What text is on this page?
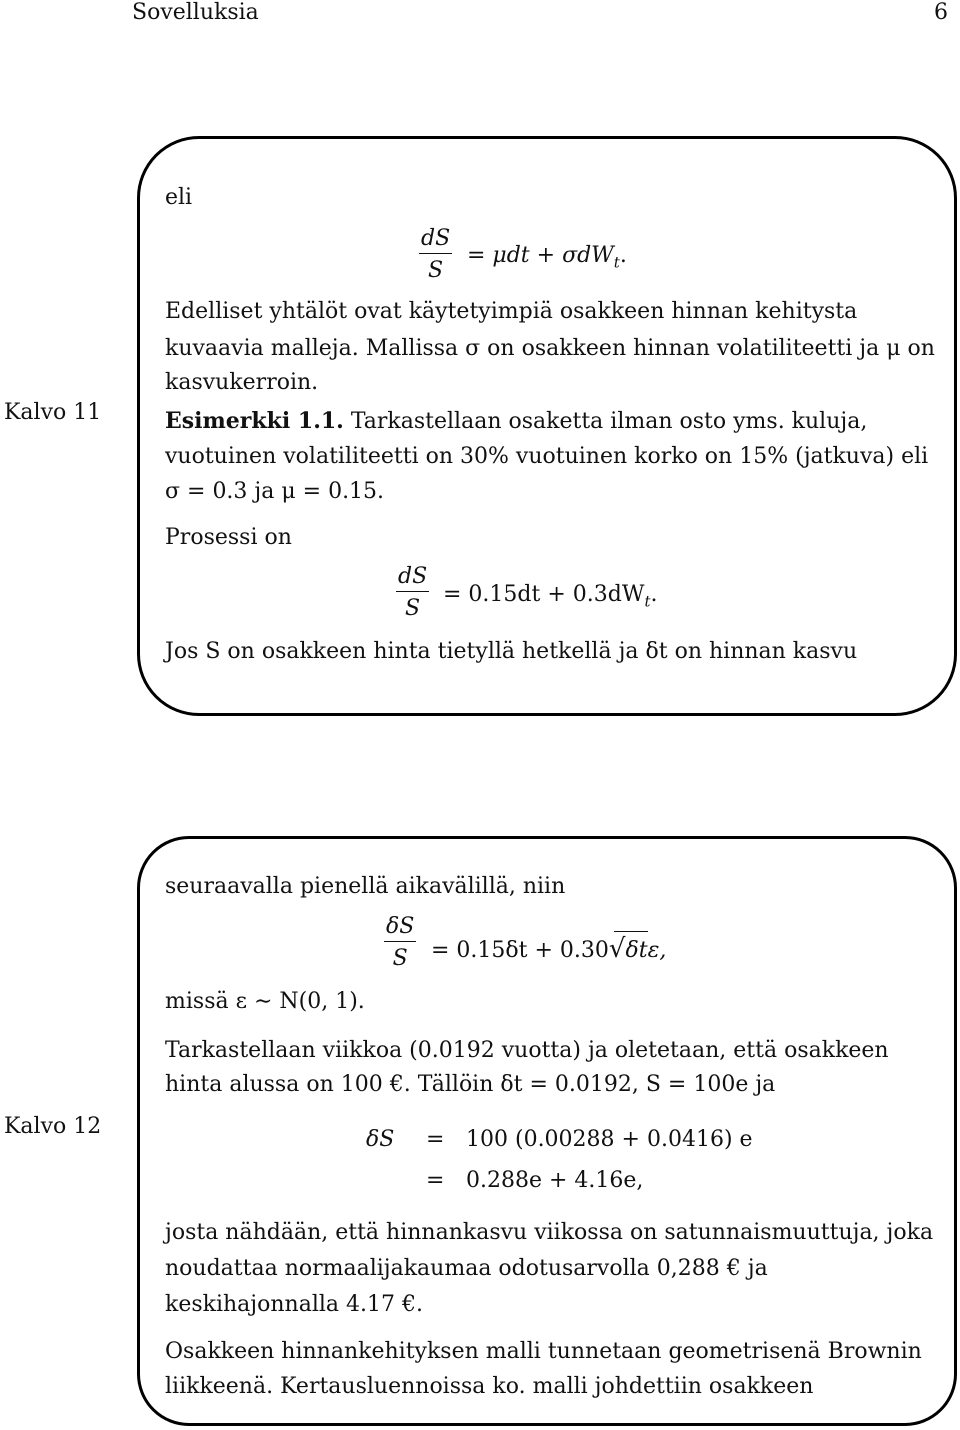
Sovelluksia	6
Kalvo 11
eli
$\frac{dS}{S} = \mu dt + \sigma dW_t$.
Edelliset yhtälöt ovat käytetyimpiä osakkeen hinnan kehitysta
kuvaavia malleja. Mallissa σ on osakkeen hinnan volatiliteetti ja μ on
kasvukerroin.
Esimerkki 1.1. Tarkastellaan osaketta ilman osto yms. kuluja,
vuotuinen volatiliteetti on 30% vuotuinen korko on 15% (jatkuva) eli
σ = 0.3 ja μ = 0.15.
Prosessi on
$\frac{dS}{S} = 0.15dt + 0.3dW_t$.
Jos S on osakkeen hinta tietyllä hetkellä ja δt on hinnan kasvu
Kalvo 12
seuraavalla pienellä aikavälillä, niin
$\frac{\delta S}{S} = 0.15\delta t + 0.30√\delta t\varepsilon$,
missä ε ∼ N(0, 1).
Tarkastellaan viikkoa (0.0192 vuotta) ja oletetaan, että osakkeen
hinta alussa on 100 €. Tällöin δt = 0.0192, S = 100e ja
δS = 100 (0.00288 + 0.0416) e
= 0.288e + 4.16e,
josta nähdään, että hinnankasvu viikossa on satunnaismuuttuja, joka
noudattaa normaalijakaumaa odotusarvolla 0,288 € ja
keskihajonnalla 4.17 €.
Osakkeen hinnankehityksen malli tunnetaan geometrisenä Brownin
liikkeenä. Kertausluennoissa ko. malli johdettiin osakkeen
